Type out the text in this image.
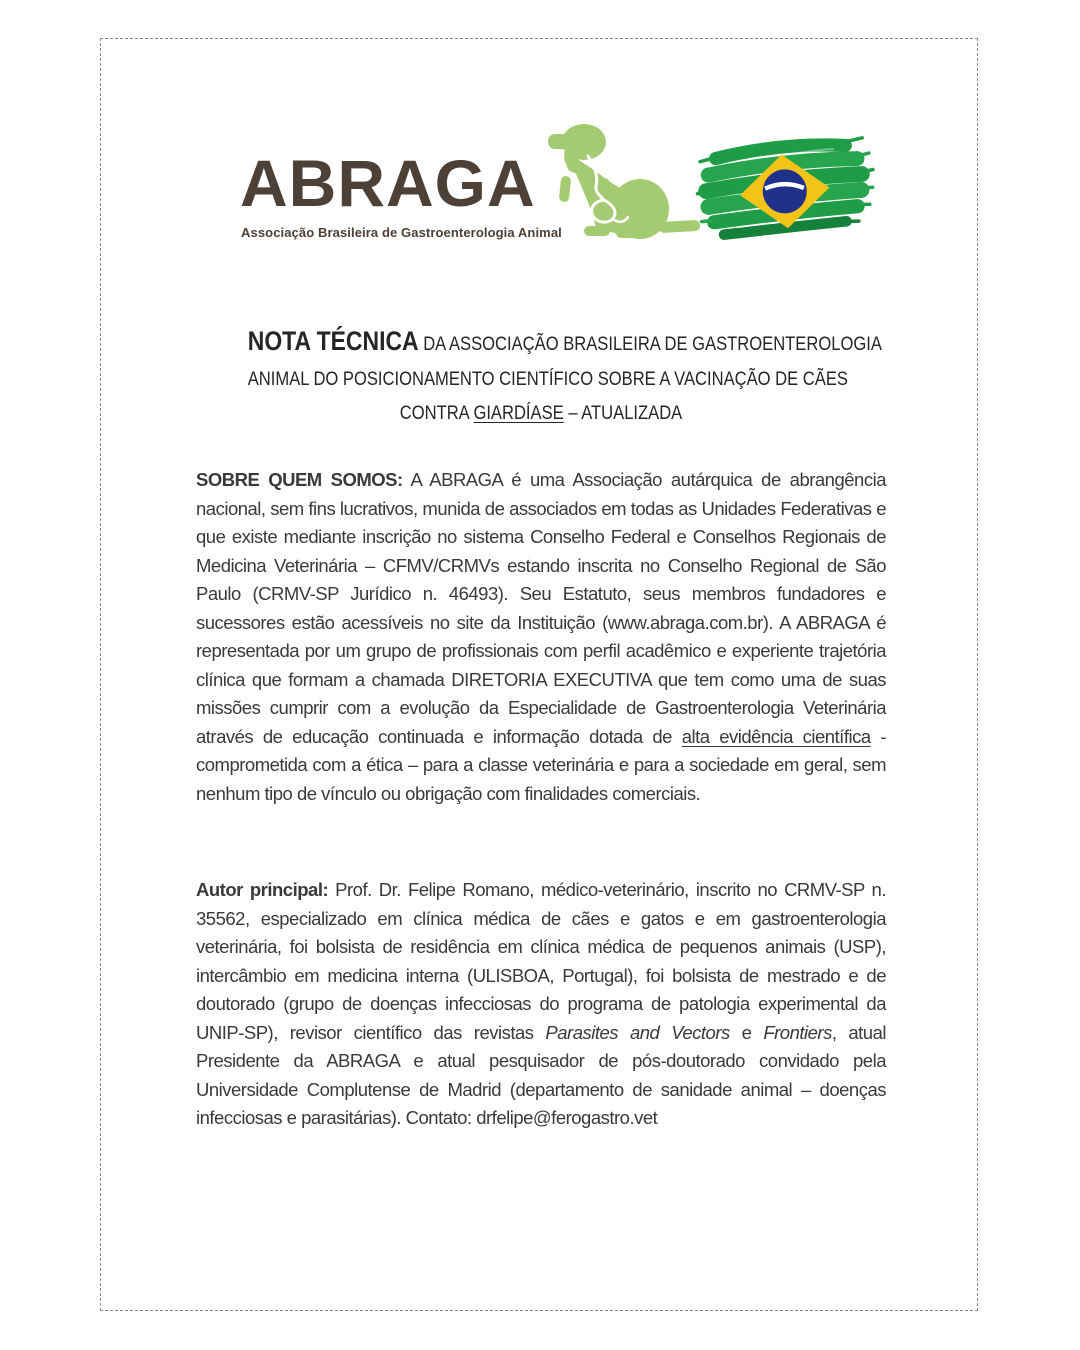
ABRAGA
Associação Brasileira de Gastroenterologia Animal
NOTA TÉCNICA DA ASSOCIAÇÃO BRASILEIRA DE GASTROENTEROLOGIA
ANIMAL DO POSICIONAMENTO CIENTÍFICO SOBRE A VACINAÇÃO DE CÃES
CONTRA GIARDÍASE – ATUALIZADA

SOBRE QUEM SOMOS: A ABRAGA é uma Associação autárquica de abrangência nacional, sem fins lucrativos, munida de associados em todas as Unidades Federativas e que existe mediante inscrição no sistema Conselho Federal e Conselhos Regionais de Medicina Veterinária – CFMV/CRMVs estando inscrita no Conselho Regional de São Paulo (CRMV-SP Jurídico n. 46493). Seu Estatuto, seus membros fundadores e sucessores estão acessíveis no site da Instituição (www.abraga.com.br). A ABRAGA é representada por um grupo de profissionais com perfil acadêmico e experiente trajetória clínica que formam a chamada DIRETORIA EXECUTIVA que tem como uma de suas missões cumprir com a evolução da Especialidade de Gastroenterologia Veterinária através de educação continuada e informação dotada de alta evidência científica - comprometida com a ética – para a classe veterinária e para a sociedade em geral, sem nenhum tipo de vínculo ou obrigação com finalidades comerciais.

Autor principal: Prof. Dr. Felipe Romano, médico-veterinário, inscrito no CRMV-SP n. 35562, especializado em clínica médica de cães e gatos e em gastroenterologia veterinária, foi bolsista de residência em clínica médica de pequenos animais (USP), intercâmbio em medicina interna (ULISBOA, Portugal), foi bolsista de mestrado e de doutorado (grupo de doenças infecciosas do programa de patologia experimental da UNIP-SP), revisor científico das revistas Parasites and Vectors e Frontiers, atual Presidente da ABRAGA e atual pesquisador de pós-doutorado convidado pela Universidade Complutense de Madrid (departamento de sanidade animal – doenças infecciosas e parasitárias). Contato: drfelipe@ferogastro.vet
